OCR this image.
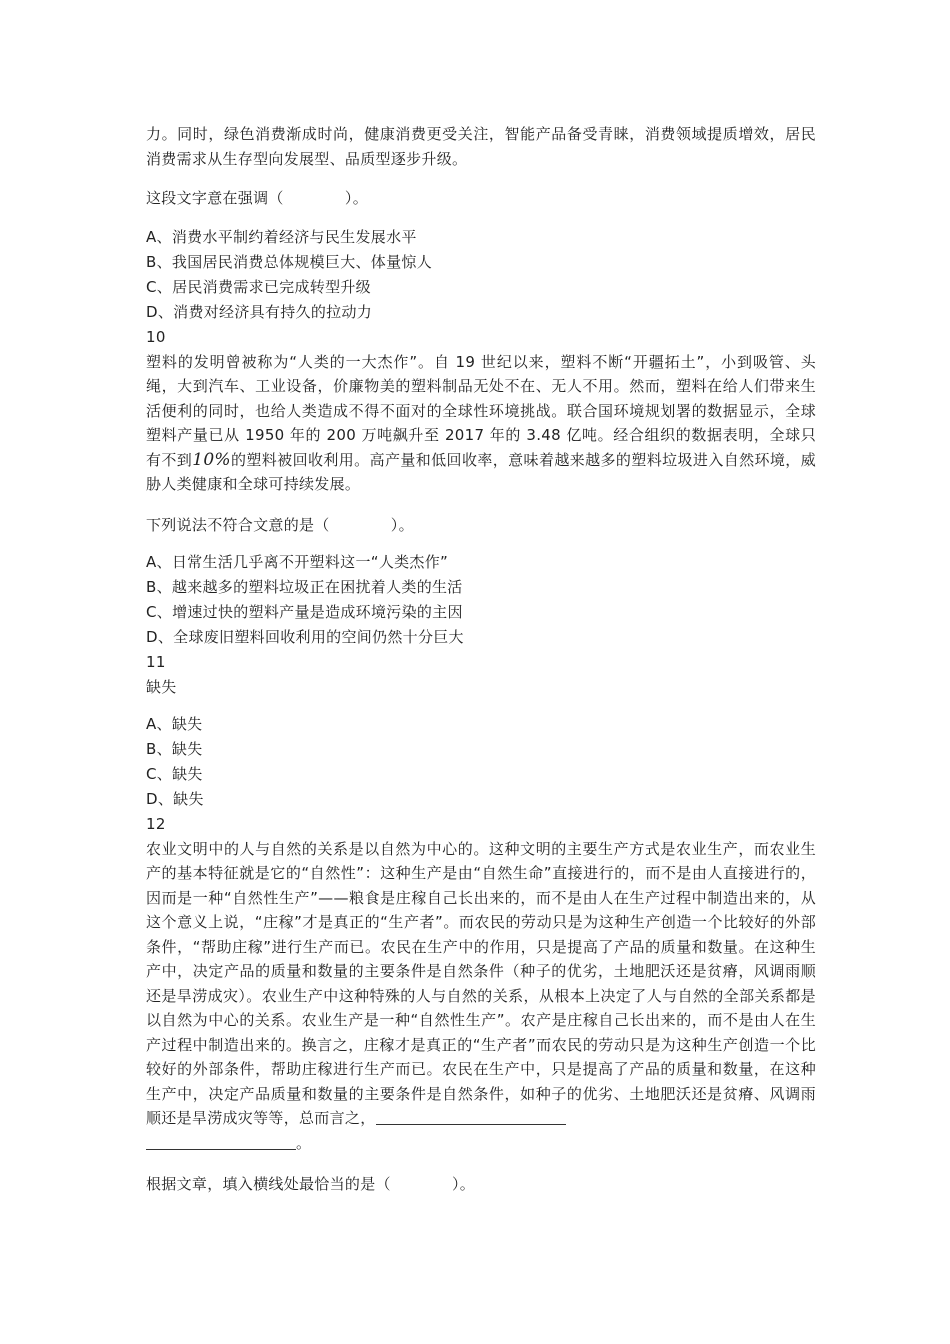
力。同时，绿色消费渐成时尚，健康消费更受关注，智能产品备受青睐，消费领域提质增效，居民消费需求从生存型向发展型、品质型逐步升级。

这段文字意在强调（　　　　）。

A、消费水平制约着经济与民生发展水平

B、我国居民消费总体规模巨大、体量惊人

C、居民消费需求已完成转型升级

D、消费对经济具有持久的拉动力

10

塑料的发明曾被称为“人类的一大杰作”。自 19 世纪以来，塑料不断“开疆拓土”，小到吸管、头绳，大到汽车、工业设备，价廉物美的塑料制品无处不在、无人不用。然而，塑料在给人们带来生活便利的同时，也给人类造成不得不面对的全球性环境挑战。联合国环境规划署的数据显示，全球塑料产量已从 1950 年的 200 万吨飙升至 2017 年的 3.48 亿吨。经合组织的数据表明，全球只有不到10%的塑料被回收利用。高产量和低回收率，意味着越来越多的塑料垃圾进入自然环境，威胁人类健康和全球可持续发展。

下列说法不符合文意的是（　　　　）。

A、日常生活几乎离不开塑料这一“人类杰作”

B、越来越多的塑料垃圾正在困扰着人类的生活

C、增速过快的塑料产量是造成环境污染的主因

D、全球废旧塑料回收利用的空间仍然十分巨大

11

缺失

A、缺失

B、缺失

C、缺失

D、缺失

12

农业文明中的人与自然的关系是以自然为中心的。这种文明的主要生产方式是农业生产，而农业生产的基本特征就是它的“自然性”：这种生产是由“自然生命”直接进行的，而不是由人直接进行的，因而是一种“自然性生产”——粮食是庄稼自己长出来的，而不是由人在生产过程中制造出来的，从这个意义上说，“庄稼”才是真正的“生产者”。而农民的劳动只是为这种生产创造一个比较好的外部条件，“帮助庄稼”进行生产而已。农民在生产中的作用，只是提高了产品的质量和数量。在这种生产中，决定产品的质量和数量的主要条件是自然条件（种子的优劣，土地肥沃还是贫瘠，风调雨顺还是旱涝成灾）。农业生产中这种特殊的人与自然的关系，从根本上决定了人与自然的全部关系都是以自然为中心的关系。农业生产是一种“自然性生产”。农产是庄稼自己长出来的，而不是由人在生产过程中制造出来的。换言之，庄稼才是真正的“生产者”而农民的劳动只是为这种生产创造一个比较好的外部条件，帮助庄稼进行生产而已。农民在生产中，只是提高了产品的质量和数量，在这种生产中，决定产品质量和数量的主要条件是自然条件，如种子的优劣、土地肥沃还是贫瘠、风调雨顺还是旱涝成灾等等，总而言之，
。

根据文章，填入横线处最恰当的是（　　　　）。
